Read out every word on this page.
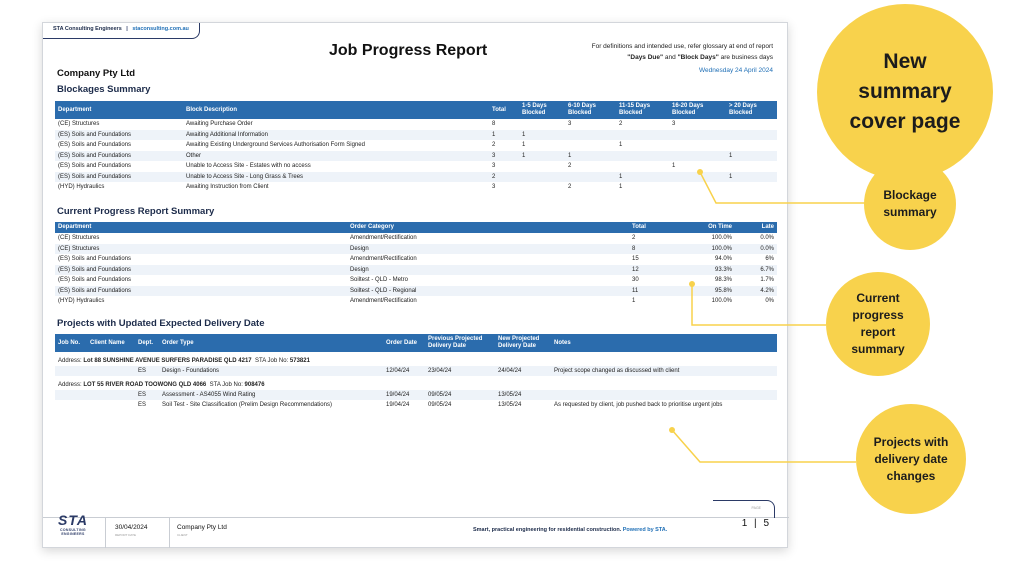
STA Consulting Engineers | staconsulting.com.au
Job Progress Report	For definitions and intended use, refer glossary at end of report
"Days Due" and "Block Days" are business days
Wednesday 24 April 2024
Company Pty Ltd
Blockages Summary
Department	Block Description	Total	1-5 Days Blocked	6-10 Days Blocked	11-15 Days Blocked	16-20 Days Blocked	> 20 Days Blocked
(CE) Structures	Awaiting Purchase Order	8		3	2	3	
(ES) Soils and Foundations	Awaiting Additional Information	1	1				
(ES) Soils and Foundations	Awaiting Existing Underground Services Authorisation Form Signed	2	1		1		
(ES) Soils and Foundations	Other	3	1	1			1
(ES) Soils and Foundations	Unable to Access Site - Estates with no access	3		2		1	
(ES) Soils and Foundations	Unable to Access Site - Long Grass & Trees	2			1		1
(HYD) Hydraulics	Awaiting Instruction from Client	3		2	1		
Current Progress Report Summary
Department	Order Category	Total	On Time	Late
(CE) Structures	Amendment/Rectification	2	100.0%	0.0%
(CE) Structures	Design	8	100.0%	0.0%
(ES) Soils and Foundations	Amendment/Rectification	15	94.0%	6%
(ES) Soils and Foundations	Design	12	93.3%	6.7%
(ES) Soils and Foundations	Soiltest - QLD - Metro	30	98.3%	1.7%
(ES) Soils and Foundations	Soiltest - QLD - Regional	11	95.8%	4.2%
(HYD) Hydraulics	Amendment/Rectification	1	100.0%	0%
Projects with Updated Expected Delivery Date
Job No.	Client Name	Dept.	Order Type	Order Date	Previous Projected Delivery Date	New Projected Delivery Date	Notes
Address: Lot 88 SUNSHINE AVENUE SURFERS PARADISE QLD 4217 STA Job No: 573821							
		ES	Design - Foundations	12/04/24	23/04/24	24/04/24	Project scope changed as discussed with client
Address: LOT 55 RIVER ROAD TOOWONG QLD 4066 STA Job No: 908476							
		ES	Assessment - AS4055 Wind Rating	19/04/24	09/05/24	13/05/24	
		ES	Soil Test - Site Classification (Prelim Design Recommendations)	19/04/24	09/05/24	13/05/24	As requested by client, job pushed back to prioritise urgent jobs
STA
CONSULTING ENGINEERS
30/04/2024
REPORT DATE
Company Pty Ltd
CLIENT
Smart, practical engineering for residential construction. Powered by STA.
PAGE
1 | 5
New summary cover page
Blockage summary
Current progress report summary
Projects with delivery date changes
